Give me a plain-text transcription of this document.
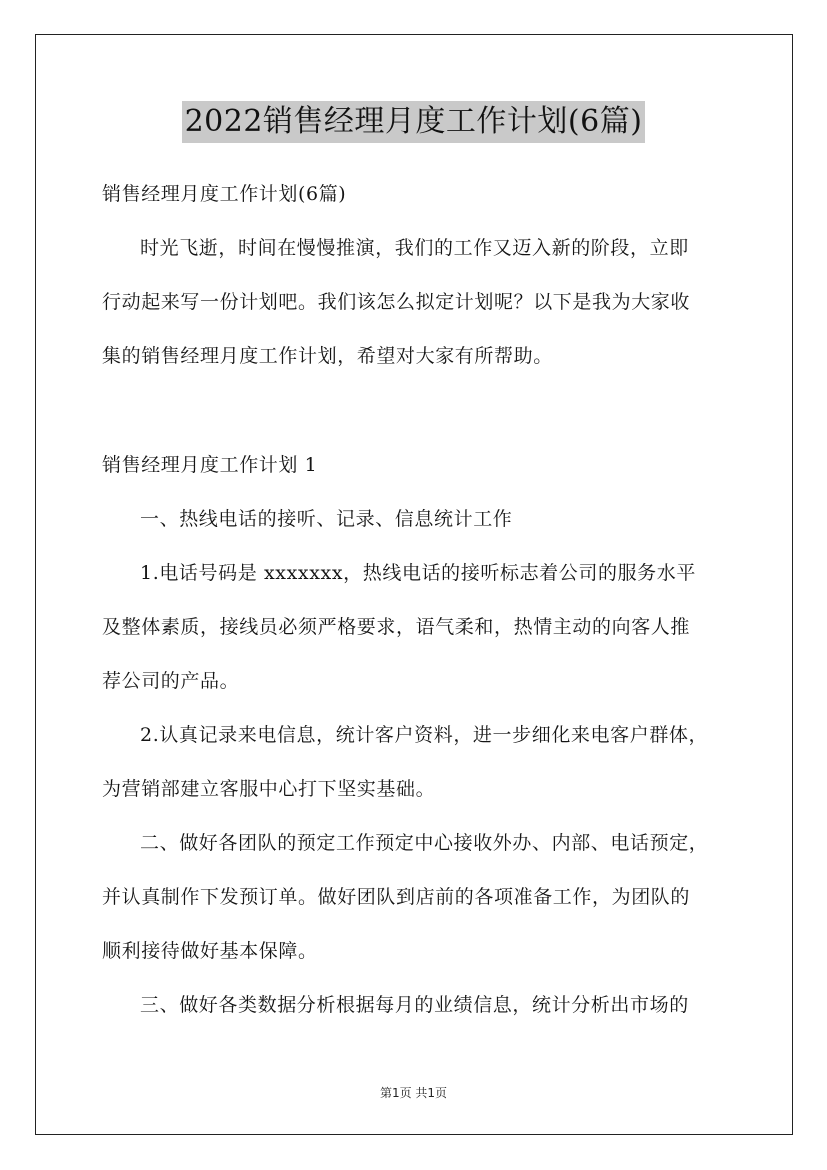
2022销售经理月度工作计划(6篇)
销售经理月度工作计划(6篇)
时光飞逝，时间在慢慢推演，我们的工作又迈入新的阶段，立即
行动起来写一份计划吧。我们该怎么拟定计划呢？以下是我为大家收
集的销售经理月度工作计划，希望对大家有所帮助。
销售经理月度工作计划 1
一、热线电话的接听、记录、信息统计工作
1.电话号码是 xxxxxxx，热线电话的接听标志着公司的服务水平
及整体素质，接线员必须严格要求，语气柔和，热情主动的向客人推
荐公司的产品。
2.认真记录来电信息，统计客户资料，进一步细化来电客户群体，
为营销部建立客服中心打下坚实基础。
二、做好各团队的预定工作预定中心接收外办、内部、电话预定，
并认真制作下发预订单。做好团队到店前的各项准备工作，为团队的
顺利接待做好基本保障。
三、做好各类数据分析根据每月的业绩信息，统计分析出市场的
第1页 共1页
